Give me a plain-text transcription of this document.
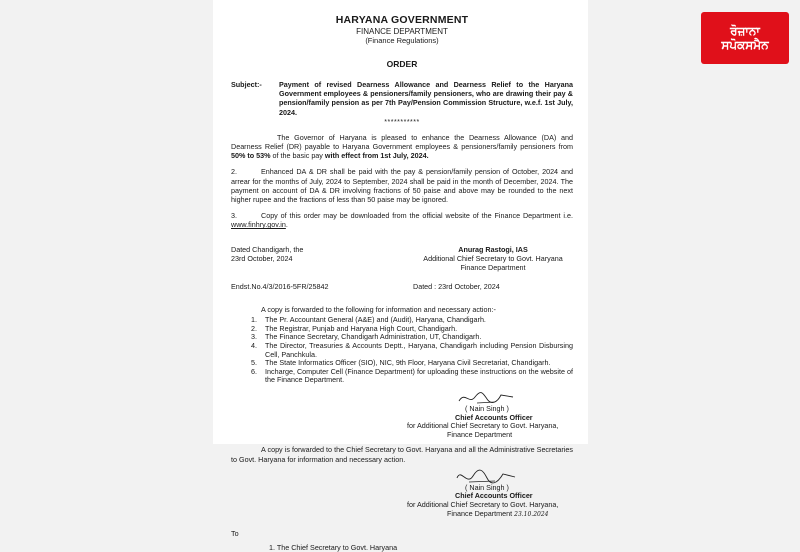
ਰੋਜ਼ਾਨਾ
ਸਪੋਕਸਮੈਨ
HARYANA GOVERNMENT
FINANCE DEPARTMENT
(Finance Regulations)
ORDER
Subject:-	Payment of revised Dearness Allowance and Dearness Relief to the Haryana Government employees & pensioners/family pensioners, who are drawing their pay & pension/family pension as per 7th Pay/Pension Commission Structure, w.e.f. 1st July, 2024.
***********
The Governor of Haryana is pleased to enhance the Dearness Allowance (DA) and Dearness Relief (DR) payable to Haryana Government employees & pensioners/family pensioners from 50% to 53% of the basic pay with effect from 1st July, 2024.
2.	Enhanced DA & DR shall be paid with the pay & pension/family pension of October, 2024 and arrear for the months of July, 2024 to September, 2024 shall be paid in the month of December, 2024. The payment on account of DA & DR involving fractions of 50 paise and above may be rounded to the next higher rupee and the fractions of less than 50 paise may be ignored.
3.	Copy of this order may be downloaded from the official website of the Finance Department i.e. www.finhry.gov.in.
Dated Chandigarh, the
23rd October, 2024
Anurag Rastogi, IAS
Additional Chief Secretary to Govt. Haryana
Finance Department
Endst.No.4/3/2016-5FR/25842	Dated : 23rd October, 2024
A copy is forwarded to the following for information and necessary action:-
1.	The Pr. Accountant General (A&E) and (Audit), Haryana, Chandigarh.
2.	The Registrar, Punjab and Haryana High Court, Chandigarh.
3.	The Finance Secretary, Chandigarh Administration, UT, Chandigarh.
4.	The Director, Treasuries & Accounts Deptt., Haryana, Chandigarh including Pension Disbursing Cell, Panchkula.
5.	The State Informatics Officer (SIO), NIC, 9th Floor, Haryana Civil Secretariat, Chandigarh.
6.	Incharge, Computer Cell (Finance Department) for uploading these instructions on the website of the Finance Department.
( Nain Singh )
Chief Accounts Officer
for Additional Chief Secretary to Govt. Haryana,
Finance Department
A copy is forwarded to the Chief Secretary to Govt. Haryana and all the Administrative Secretaries to Govt. Haryana for information and necessary action.
( Nain Singh )
Chief Accounts Officer
for Additional Chief Secretary to Govt. Haryana,
Finance Department 23.10.2024
To
1. The Chief Secretary to Govt. Haryana
